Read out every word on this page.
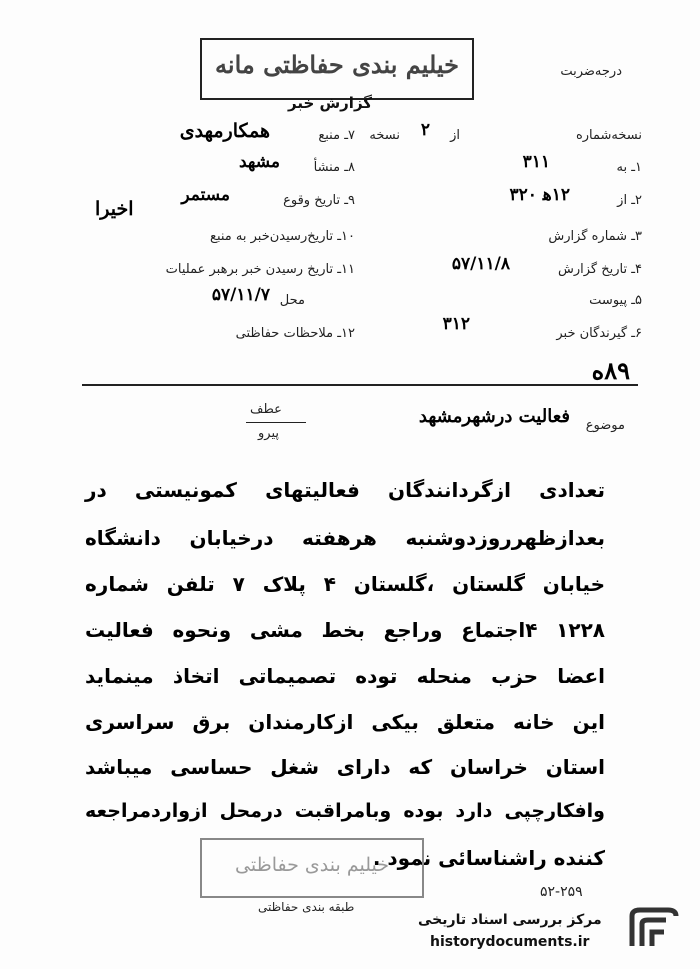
خیلیم بندی حفاظتی مانه
گزارش خبر
درجه‌ضربت
نسخه‌شماره
از
۲
نسخه
۷ـ منبع
همکارمهدی
۱ـ به
۳۱۱
۸ـ منشأ
مشهد
۲ـ از
۱۲ه‍ ۳۲۰
۹ـ تاریخ وقوع
مستمر
۳ـ شماره گزارش
۱۰ـ تاریخ‌رسیدن‌خبر به منبع
اخیرا
۴ـ تاریخ گزارش
۵۷/۱۱/۸
۱۱ـ تاریخ رسیدن خبر برهبر عملیات
۵ـ پیوست
محل
۵۷/۱۱/۷
۶ـ گیرندگان خبر
۳۱۲
۱۲ـ ملاحظات حفاظتی
۸۹ه
موضوع
فعالیت درشهرمشهد
عطف
پیرو
تعدادی ازگردانندگان فعالیتهای کمونیستی در
بعدازظهرروزدوشنبه هرهفته درخیابان دانشگاه
خیابان گلستان ،گلستان ۴ پلاک ۷ تلفن شماره
۱۲۲۸ ۴اجتماع وراجع بخط مشی ونحوه فعالیت
اعضا حزب منحله توده تصمیماتی اتخاذ مینماید
این خانه متعلق بیکی ازکارمندان برق سراسری
استان خراسان که دارای شغل حساسی میباشد
وافکارچپی دارد بوده وبامراقبت درمحل ازواردمراجعه
کننده راشناسائی نمود .
خیلیم بندی حفاظتی
طبقه بندی حفاظتی
۵۲-۲۵۹
مرکز بررسی اسناد تاریخی
historydocuments.ir
